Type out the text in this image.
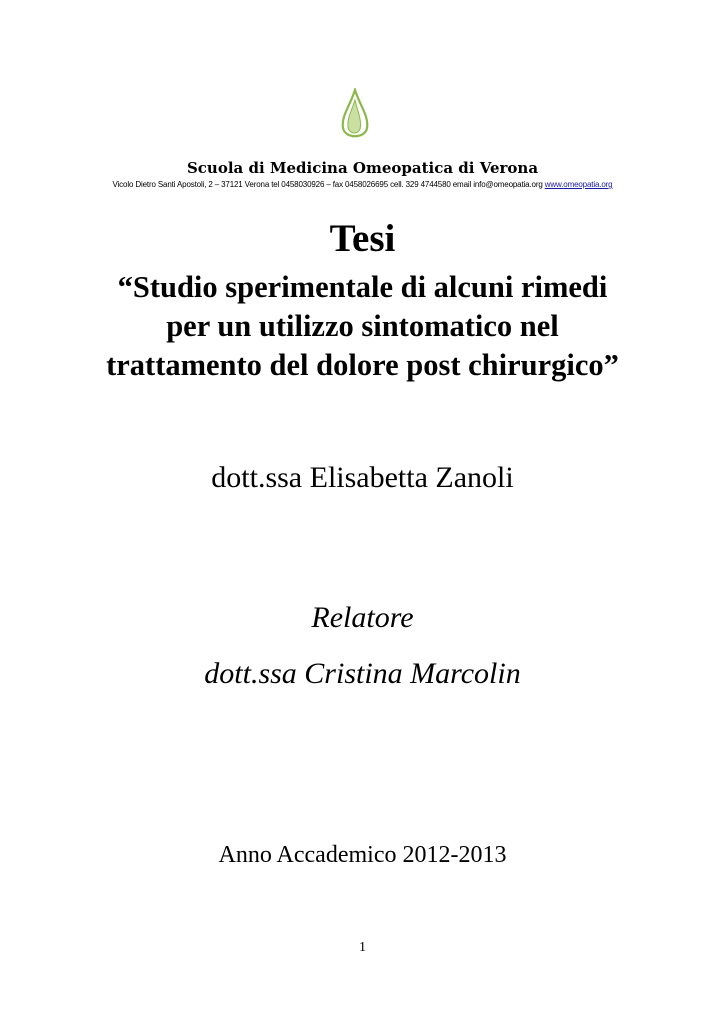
Scuola di Medicina Omeopatica di Verona
Vicolo Dietro Santi Apostoli, 2 – 37121 Verona tel 0458030926 – fax 0458026695 cell. 329 4744580 email info@omeopatia.org www.omeopatia.org
Tesi
“Studio sperimentale di alcuni rimedi
per un utilizzo sintomatico nel
trattamento del dolore post chirurgico”
dott.ssa Elisabetta Zanoli
Relatore
dott.ssa Cristina Marcolin
Anno Accademico 2012-2013
1
